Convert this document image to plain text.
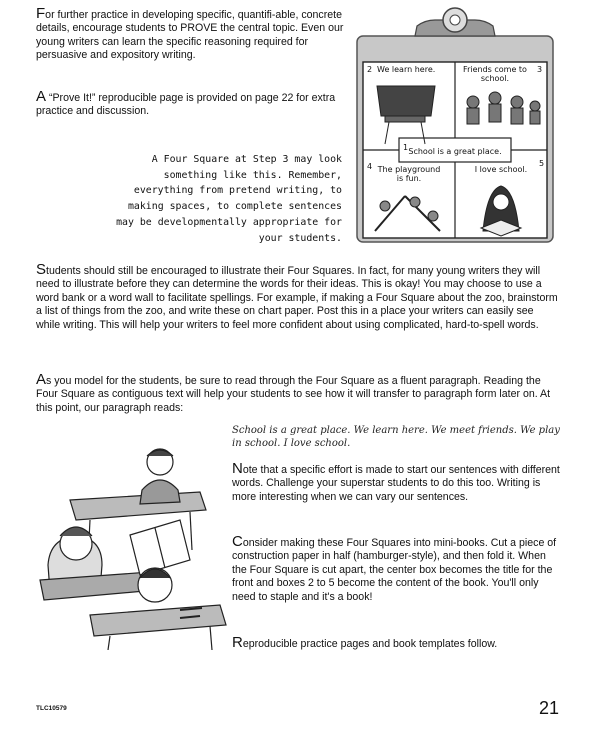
For further practice in developing specific, quantifi-able, concrete details, encourage students to PROVE the central topic. Even our young writers can learn the specific reasoning required for persuasive and expository writing.

A “Prove It!” reproducible page is provided on page 22 for extra practice and discussion.

A Four Square at Step 3 may look something like this. Remember, everything from pretend writing, to making spaces, to complete sentences may be developmentally appropriate for your students.

2 We learn here.	3
Friends come to school.
1 School is a great place.
4 The playground is fun.
5
I love school.

Students should still be encouraged to illustrate their Four Squares. In fact, for many young writers they will need to illustrate before they can determine the words for their ideas. This is okay! You may choose to use a word bank or a word wall to facilitate spellings. For example, if making a Four Square about the zoo, brainstorm a list of things from the zoo, and write these on chart paper. Post this in a place your writers can easily see while writing. This will help your writers to feel more confident about using complicated, hard-to-spell words.

As you model for the students, be sure to read through the Four Square as a fluent paragraph. Reading the Four Square as contiguous text will help your students to see how it will transfer to paragraph form later on. At this point, our paragraph reads:

School is a great place. We learn here. We meet friends. We play in school. I love school.

Note that a specific effort is made to start our sentences with different words. Challenge your superstar students to do this too. Writing is more interesting when we can vary our sentences.

Consider making these Four Squares into mini-books. Cut a piece of construction paper in half (hamburger-style), and then fold it. When the Four Square is cut apart, the center box becomes the title for the front and boxes 2 to 5 become the content of the book. You'll only need to staple and it's a book!

Reproducible practice pages and book templates follow.

TLC10579	21
